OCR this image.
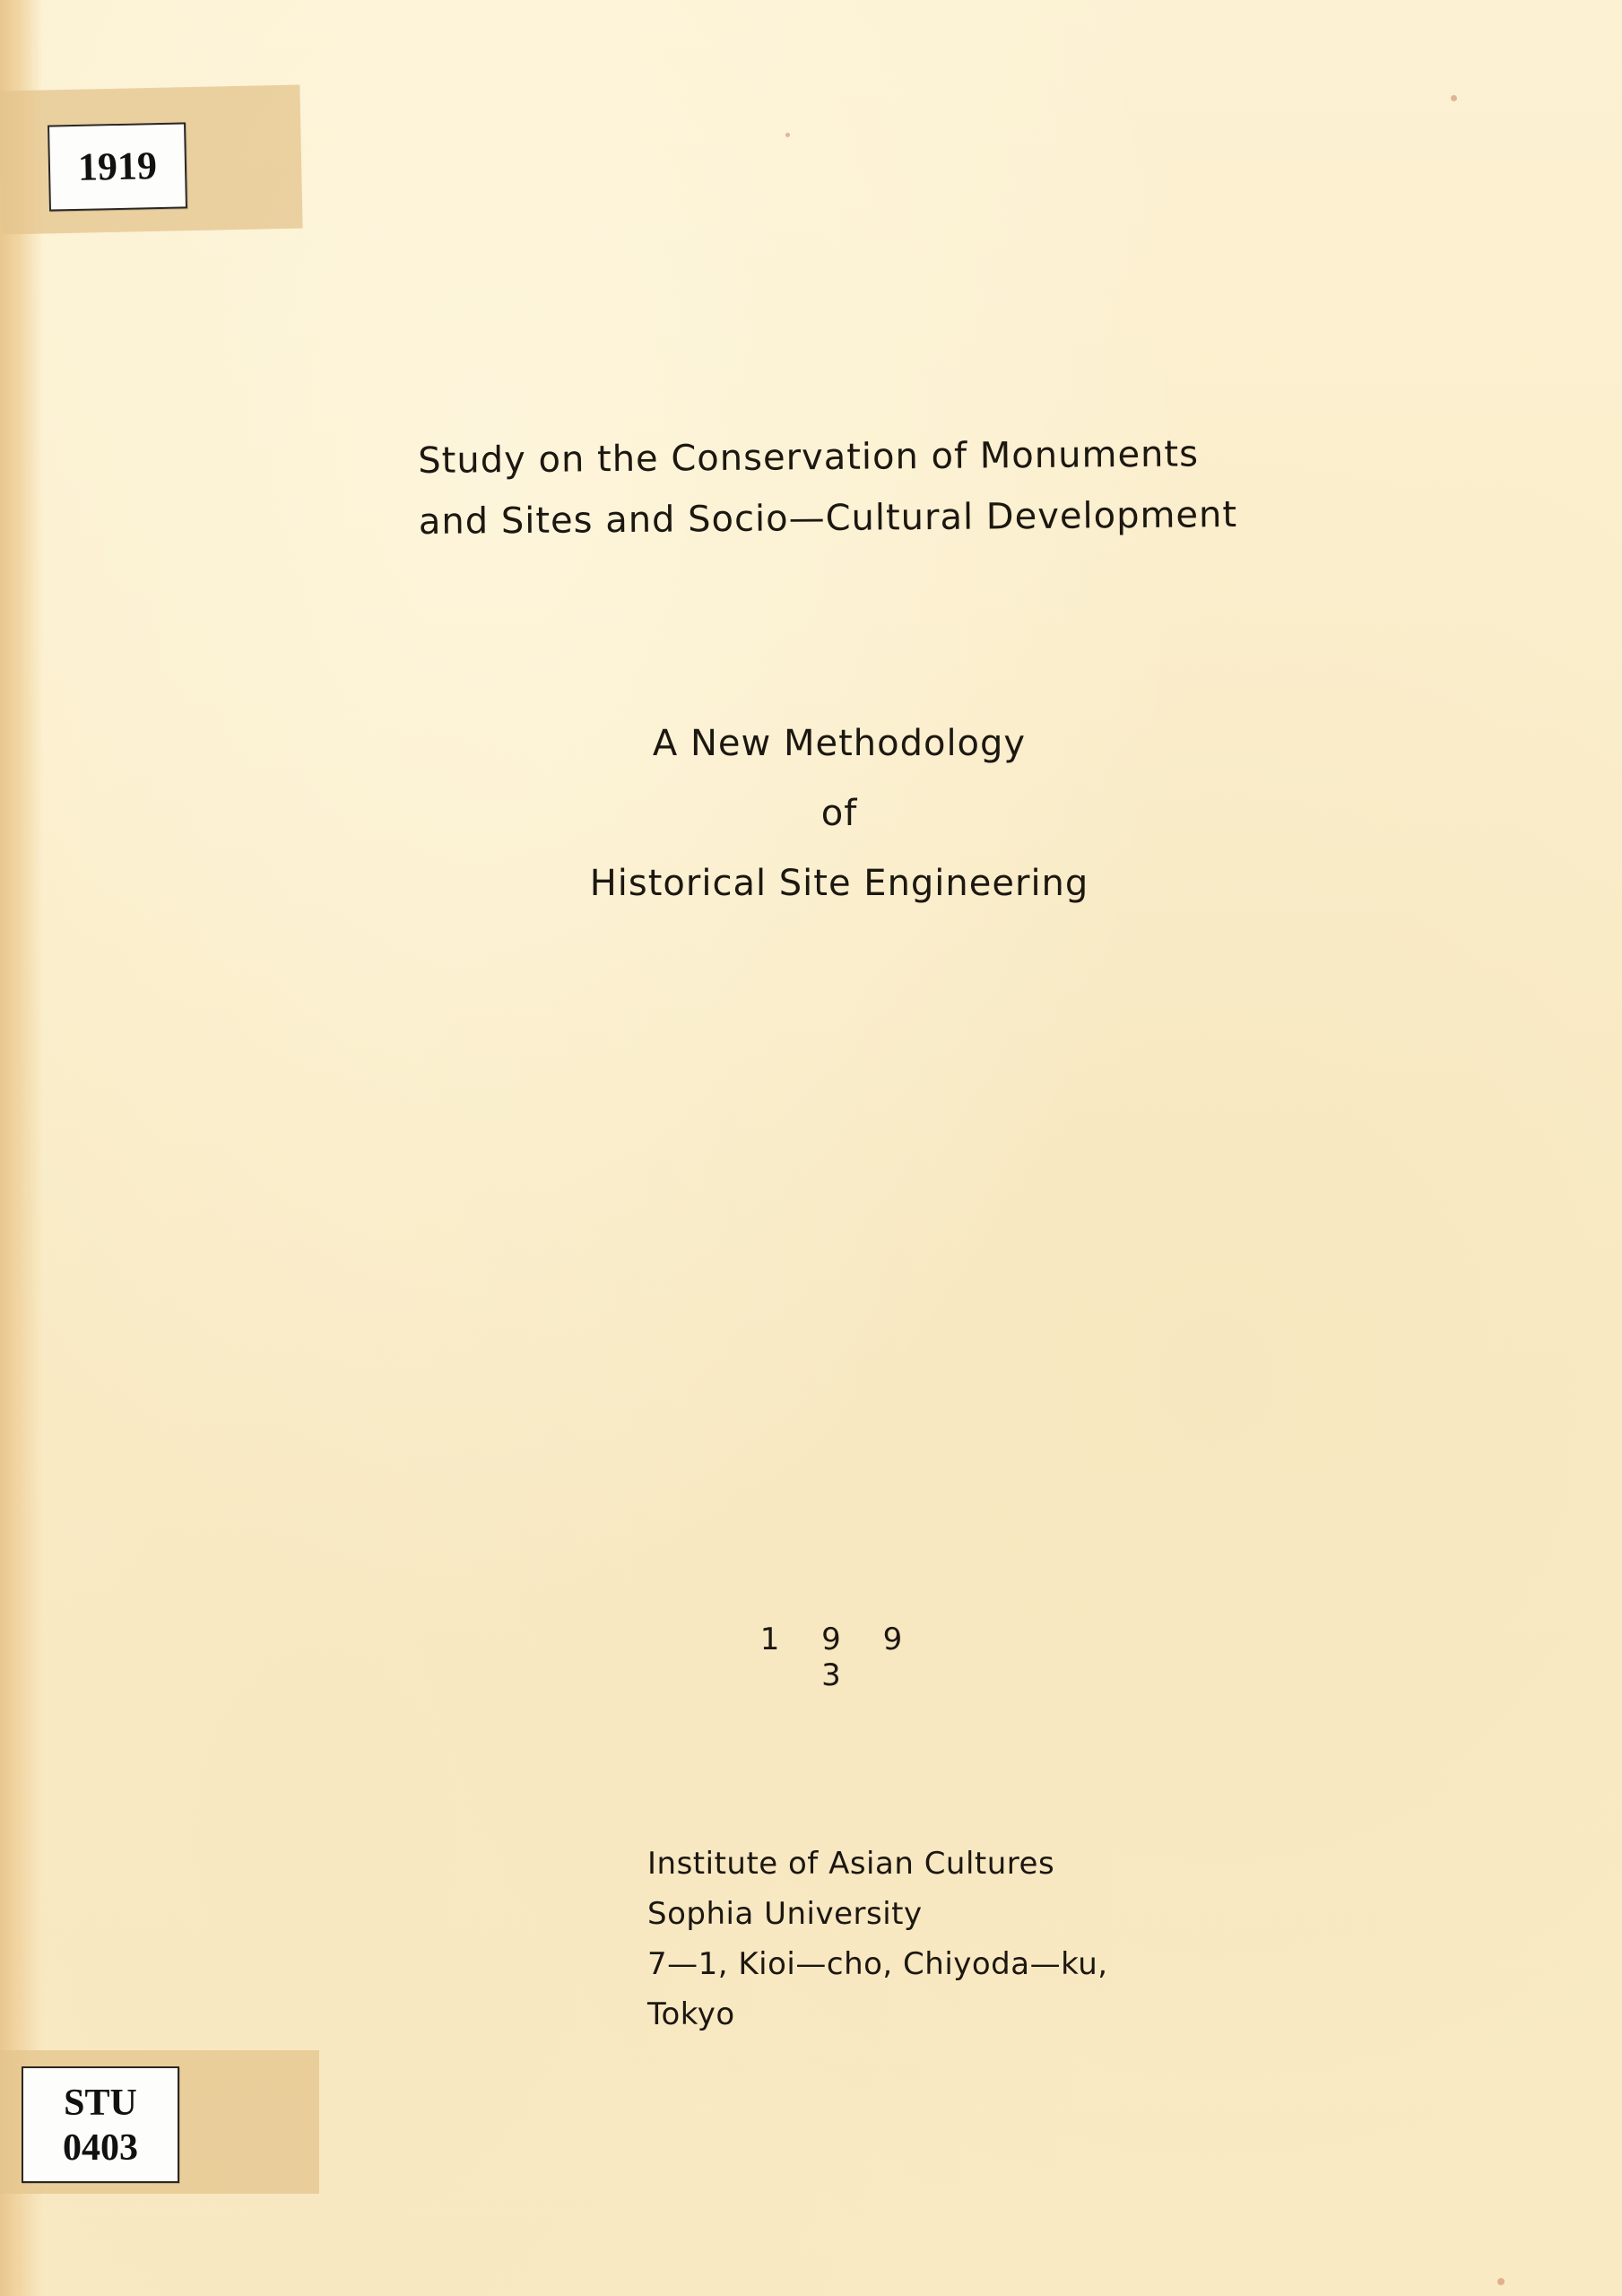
1919
STU
0403
Study on the Conservation of Monuments
and Sites and Socio—Cultural Development
A New Methodology
of
Historical Site Engineering
1 9 9 3
Institute of Asian Cultures
Sophia University
7—1, Kioi—cho, Chiyoda—ku,
Tokyo
